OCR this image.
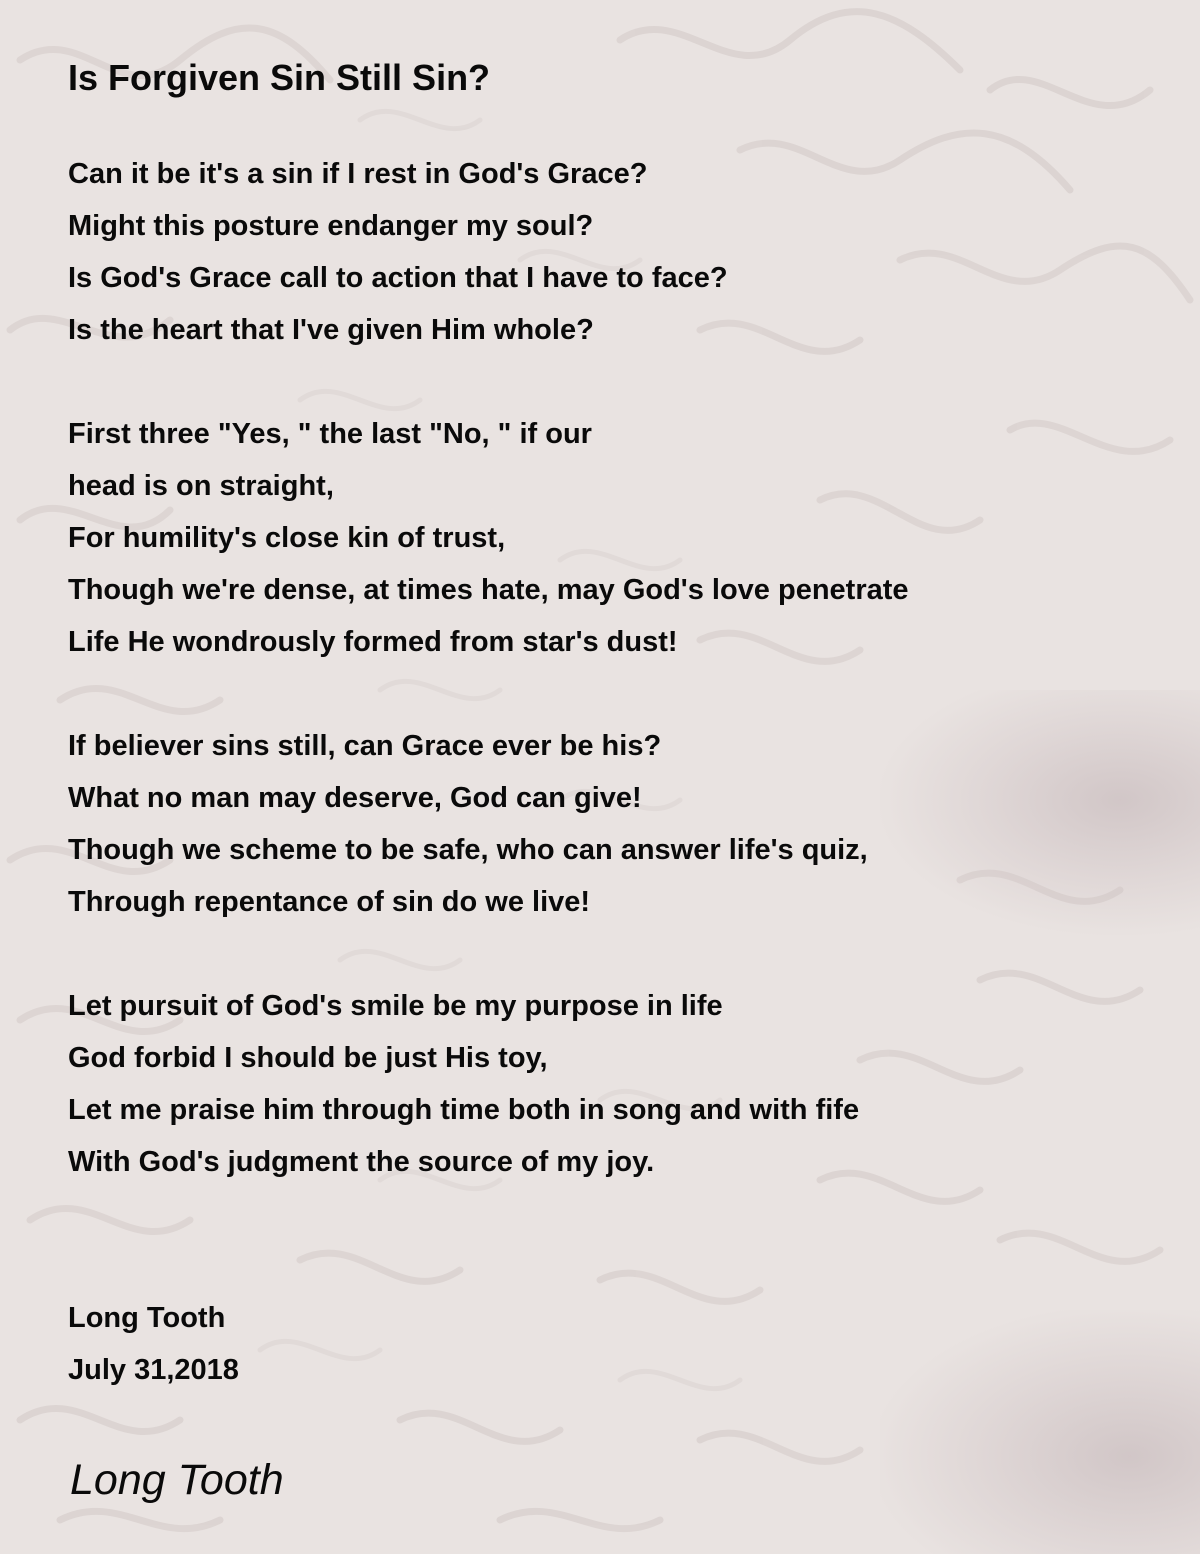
Is Forgiven Sin Still Sin?
Can it be it's a sin if I rest in God's Grace?
Might this posture endanger my soul?
Is God's Grace call to action that I have to face?
Is the heart that I've given Him whole?
First three "Yes, " the last "No, " if our
head is on straight,
For humility's close kin of trust,
Though we're dense, at times hate, may God's love penetrate
Life He wondrously formed from star's dust!
If believer sins still, can Grace ever be his?
What no man may deserve, God can give!
Though we scheme to be safe, who can answer life's quiz,
Through repentance of sin do we live!
Let pursuit of God's smile be my purpose in life
God forbid I should be just His toy,
Let me praise him through time both in song and with fife
With God's judgment the source of my joy.
Long Tooth
July 31,2018
Long Tooth
